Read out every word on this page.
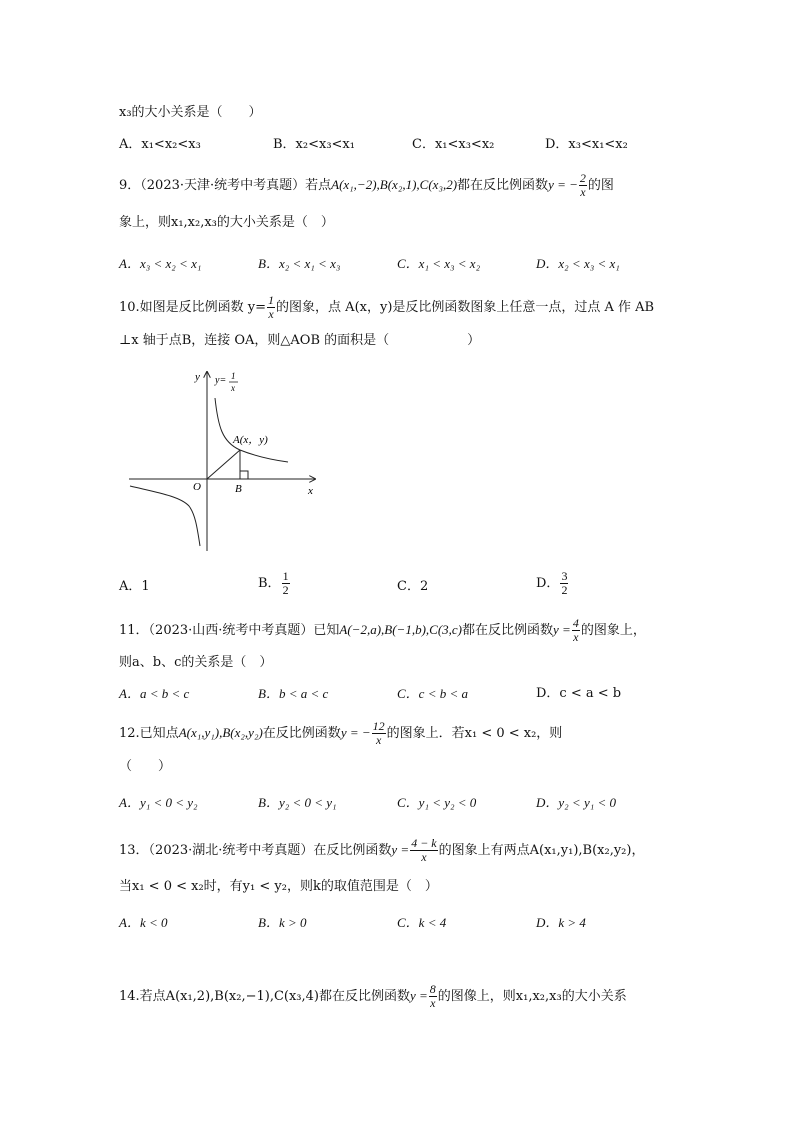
x₃的大小关系是（　　）
A．x₁<x₂<x₃	B．x₂<x₃<x₁	C．x₁<x₃<x₂	D．x₃<x₁<x₂
9．（2023·天津·统考中考真题）若点A(x₁,−2),B(x₂,1),C(x₃,2)都在反比例函数y = − $\frac{2}{x}$ 的图
象上，则x₁,x₂,x₃的大小关系是（　）
A．x₃ < x₂ < x₁	B．x₂ < x₁ < x₃	C．x₁ < x₃ < x₂	D．x₂ < x₃ < x₁
10.如图是反比例函数 $y= \frac{1}{x}$ 的图象，点 A(x，y)是反比例函数图象上任意一点，过点 A 作 AB
⊥x 轴于点B，连接 OA，则△AOB 的面积是（　　　　　　）
y
x
O	B
A(x，y)
y= 1
x
A．1	B． $\frac{1}{2}$	C．2	D． $\frac{3}{2}$
11．（2023·山西·统考中考真题）已知A(−2,a),B(−1,b),C(3,c)都在反比例函数$y = \frac{4}{x}$ 的图象上，
则a、b、c的关系是（　）
A．a < b < c	B．b < a < c	C．c < b < a	D．c < a < b
12.已知点A(x₁,y₁),B(x₂,y₂)在反比例函数y = − $\frac{12}{x}$ 的图象上．若x₁ < 0 < x₂，则
（　　）
A．y₁ < 0 < y₂	B．y₂ < 0 < y₁	C．y₁ < y₂ < 0	D．y₂ < y₁ < 0
13．（2023·湖北·统考中考真题）在反比例函数$y = \frac{4 - k}{x}$ 的图象上有两点A(x₁,y₁),B(x₂,y₂)，
当x₁ < 0 < x₂时，有y₁ < y₂，则k的取值范围是（　）
A．k < 0	B．k > 0	C．k < 4	D．k > 4
14.若点A(x₁,2),B(x₂,−1),C(x₃,4)都在反比例函数$y = \frac{8}{x}$ 的图像上，则x₁,x₂,x₃的大小关系
